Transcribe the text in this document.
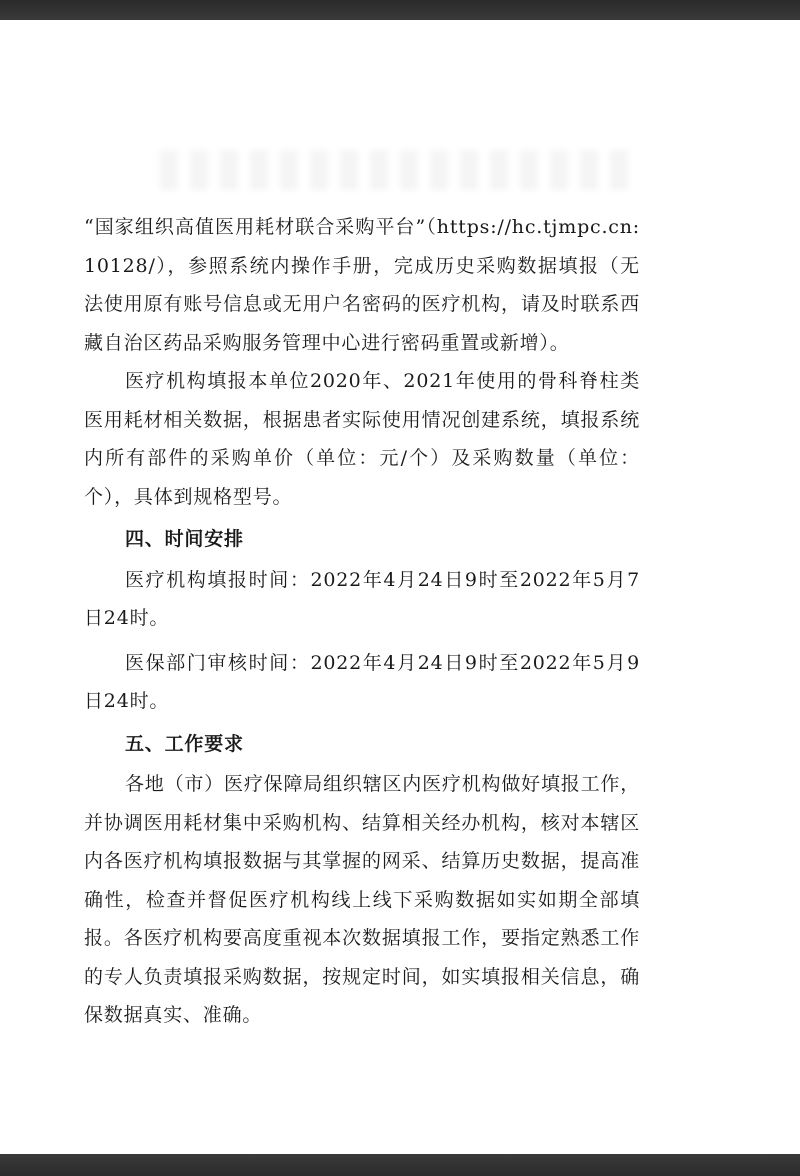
“国家组织高值医用耗材联合采购平台”（https://hc.tjmpc.cn:10128/），参照系统内操作手册，完成历史采购数据填报（无法使用原有账号信息或无用户名密码的医疗机构，请及时联系西藏自治区药品采购服务管理中心进行密码重置或新增）。

医疗机构填报本单位2020年、2021年使用的骨科脊柱类医用耗材相关数据，根据患者实际使用情况创建系统，填报系统内所有部件的采购单价（单位：元/个）及采购数量（单位：个），具体到规格型号。

四、时间安排

医疗机构填报时间：2022年4月24日9时至2022年5月7日24时。

医保部门审核时间：2022年4月24日9时至2022年5月9日24时。

五、工作要求

各地（市）医疗保障局组织辖区内医疗机构做好填报工作，并协调医用耗材集中采购机构、结算相关经办机构，核对本辖区内各医疗机构填报数据与其掌握的网采、结算历史数据，提高准确性，检查并督促医疗机构线上线下采购数据如实如期全部填报。各医疗机构要高度重视本次数据填报工作，要指定熟悉工作的专人负责填报采购数据，按规定时间，如实填报相关信息，确保数据真实、准确。
